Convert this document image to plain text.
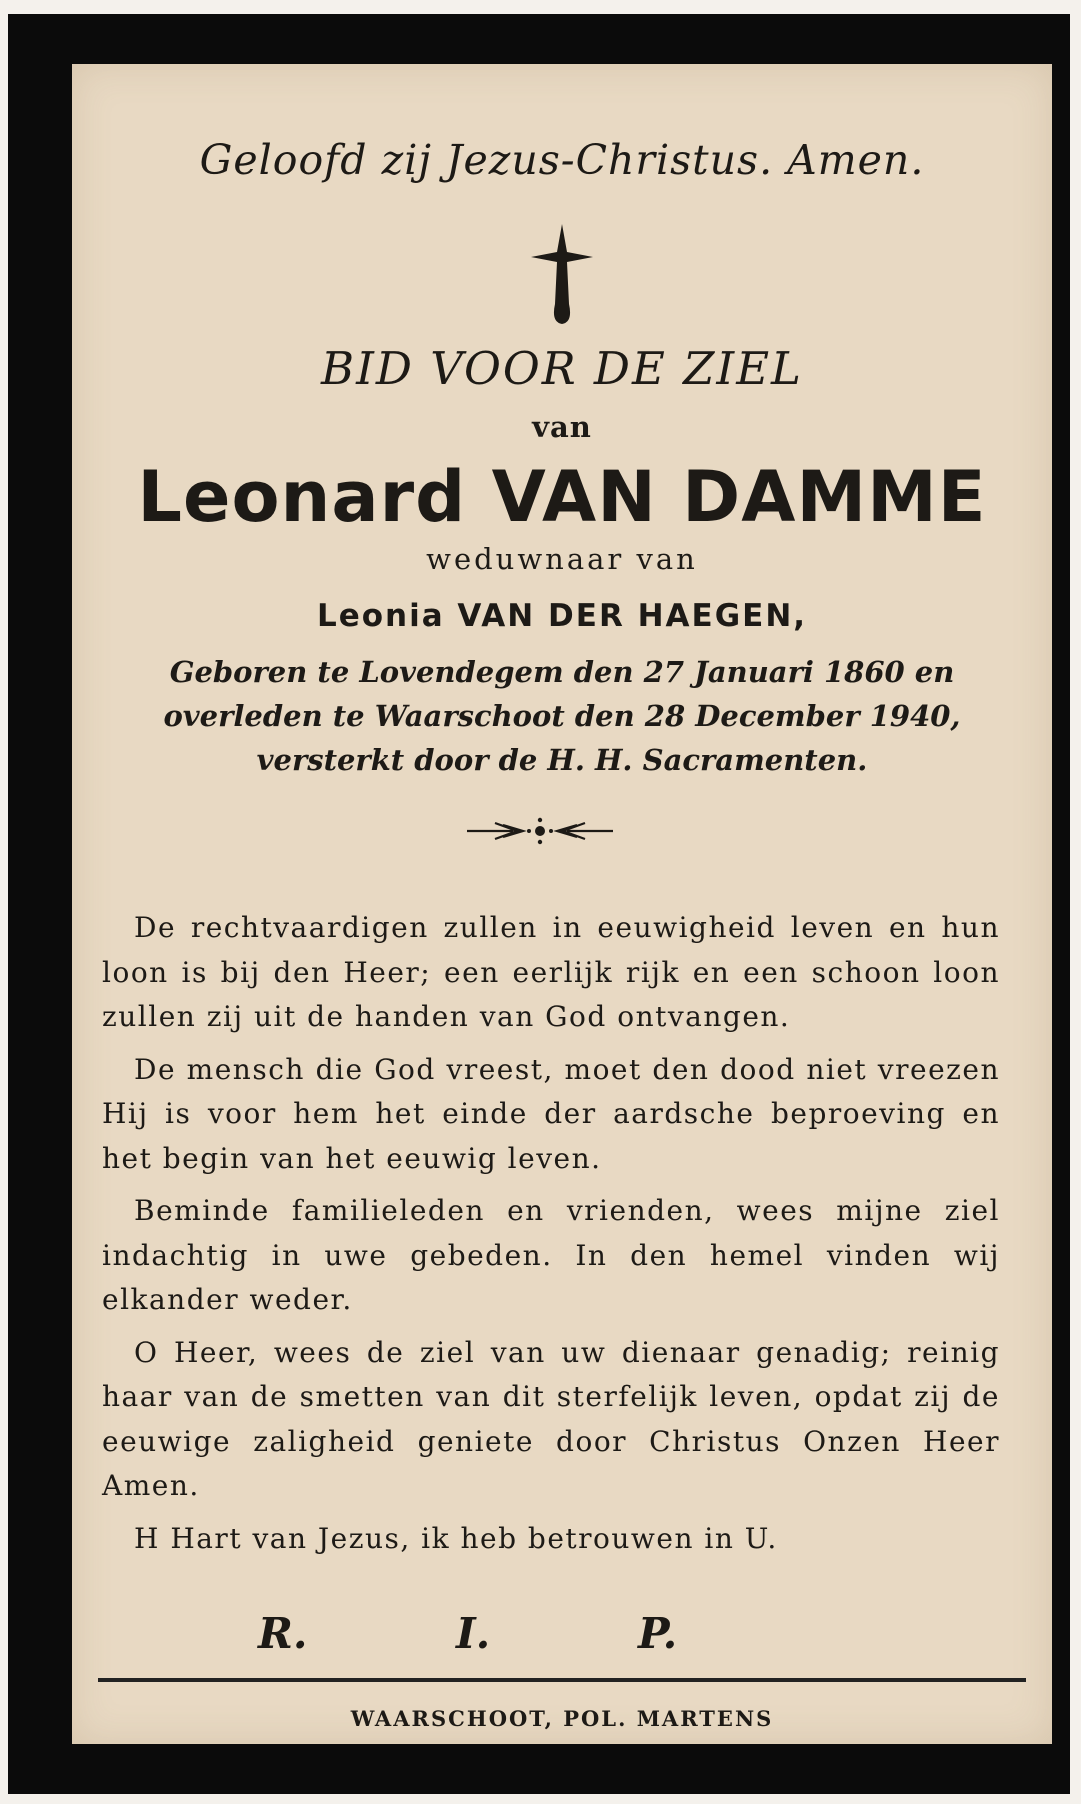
Geloofd zij Jezus-Christus. Amen.
BID VOOR DE ZIEL
van
Leonard VAN DAMME
weduwnaar van
Leonia VAN DER HAEGEN,
Geboren te Lovendegem den 27 Januari 1860 en
overleden te Waarschoot den 28 December 1940,
versterkt door de H. H. Sacramenten.

De rechtvaardigen zullen in eeuwigheid leven en hun loon is bij den Heer; een eerlijk rijk en een schoon loon zullen zij uit de handen van God ontvangen.

De mensch die God vreest, moet den dood niet vreezen Hij is voor hem het einde der aardsche beproeving en het begin van het eeuwig leven.

Beminde familieleden en vrienden, wees mijne ziel indachtig in uwe gebeden. In den hemel vinden wij elkander weder.

O Heer, wees de ziel van uw dienaar genadig; reinig haar van de smetten van dit sterfelijk leven, opdat zij de eeuwige zaligheid geniete door Christus Onzen Heer Amen.

H Hart van Jezus, ik heb betrouwen in U.

R.	I.	P.
WAARSCHOOT, POL. MARTENS
